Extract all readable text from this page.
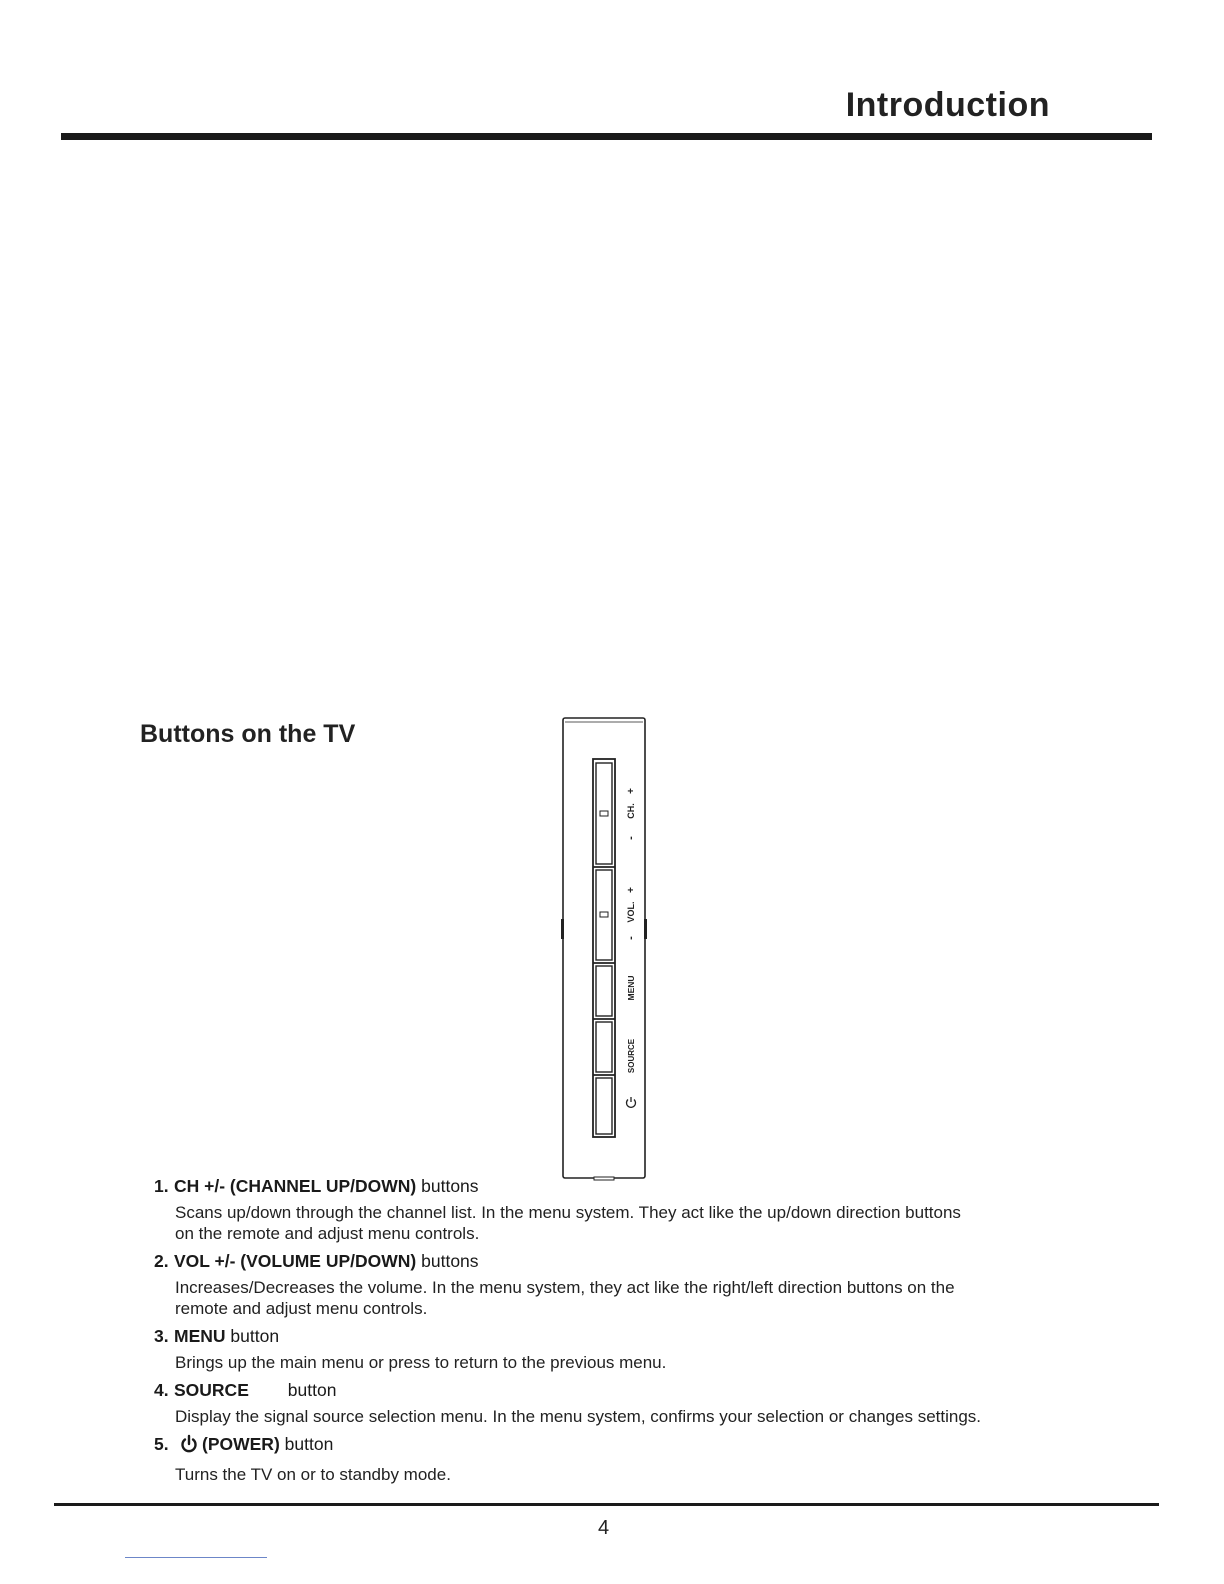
Introduction
Buttons on the TV
+
CH.
-
+
VOL.
-
MENU
SOURCE
1. CH +/- (CHANNEL UP/DOWN) buttons
Scans up/down through the channel list. In the menu system. They act like the up/down direction buttons
on the remote and adjust menu controls.
2. VOL +/- (VOLUME UP/DOWN) buttons
Increases/Decreases the volume. In the menu system, they act like the right/left direction buttons on the
remote and adjust menu controls.
3. MENU button
Brings up the main menu or press to return to the previous menu.
4. SOURCE button
Display the signal source selection menu. In the menu system, confirms your selection or changes settings.
5. (POWER) button
Turns the TV on or to standby mode.
4
